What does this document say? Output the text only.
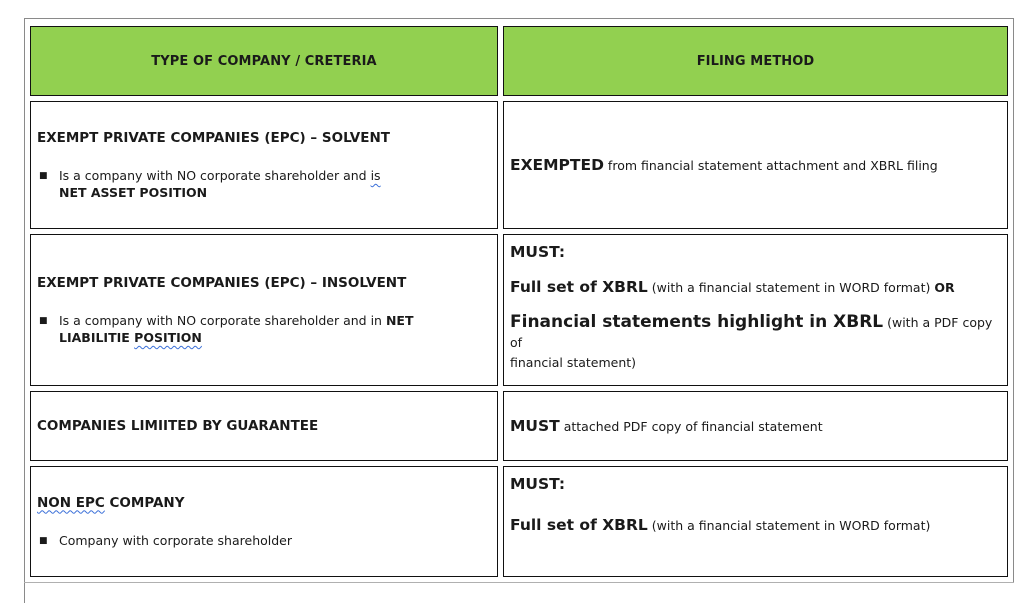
TYPE OF COMPANY / CRETERIA	FILING METHOD
EXEMPT PRIVATE COMPANIES (EPC) – SOLVENT
■ Is a company with NO corporate shareholder and is
NET ASSET POSITION
EXEMPTED from financial statement attachment and XBRL filing
EXEMPT PRIVATE COMPANIES (EPC) – INSOLVENT
■ Is a company with NO corporate shareholder and in NET
LIABILITIE POSITION
MUST:
Full set of XBRL (with a financial statement in WORD format) OR
Financial statements highlight in XBRL (with a PDF copy of
financial statement)
COMPANIES LIMIITED BY GUARANTEE	MUST attached PDF copy of financial statement
NON EPC COMPANY
■ Company with corporate shareholder
MUST:
Full set of XBRL (with a financial statement in WORD format)
